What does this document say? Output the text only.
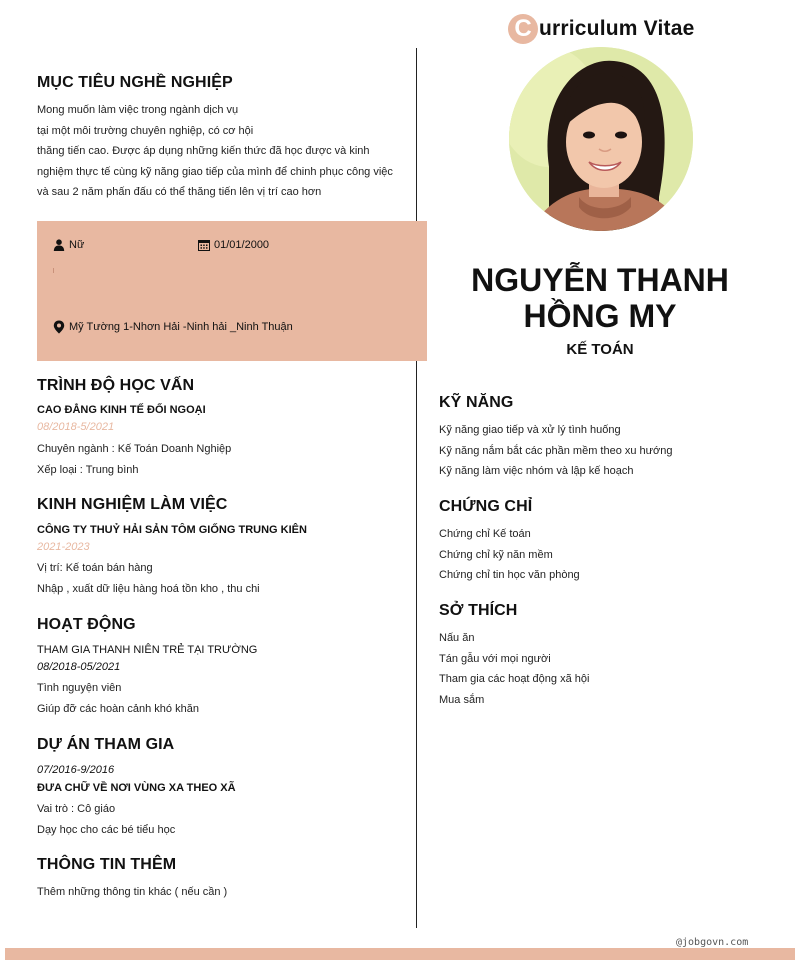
C urriculum Vitae
MỤC TIÊU NGHỀ NGHIỆP
Mong muốn làm việc trong ngành dịch vụ
tại một môi trường chuyên nghiệp, có cơ hội
thăng tiến cao. Được áp dụng những kiến thức đã học được và kinh
nghiệm thực tế cùng kỹ năng giao tiếp của mình để chinh phục công việc
và sau 2 năm phấn đấu có thể thăng tiến lên vị trí cao hơn
Nữ	01/01/2000
Mỹ Tường 1-Nhơn Hải -Ninh hải _Ninh Thuận
NGUYỄN THANH
HỒNG MY
KẾ TOÁN
TRÌNH ĐỘ HỌC VẤN
CAO ĐẲNG KINH TẾ ĐỐI NGOẠI
08/2018-5/2021
Chuyên ngành : Kế Toán Doanh Nghiệp
Xếp loại : Trung bình
KINH NGHIỆM LÀM VIỆC
CÔNG TY THUỶ HẢI SẢN TÔM GIỐNG TRUNG KIÊN
2021-2023
Vị trí: Kế toán bán hàng
Nhập , xuất dữ liệu hàng hoá tồn kho , thu chi
HOẠT ĐỘNG
THAM GIA THANH NIÊN TRẺ TẠI TRƯỜNG
08/2018-05/2021
Tình nguyện viên
Giúp đỡ các hoàn cảnh khó khăn
DỰ ÁN THAM GIA
07/2016-9/2016
ĐƯA CHỮ VỀ NƠI VÙNG XA THEO XÃ
Vai trò : Cô giáo
Dạy học cho các bé tiểu học
THÔNG TIN THÊM
Thêm những thông tin khác ( nếu cần )
KỸ NĂNG
Kỹ năng giao tiếp và xử lý tình huống
Kỹ năng nắm bắt các phần mềm theo xu hướng
Kỹ năng làm việc nhóm và lập kế hoạch
CHỨNG CHỈ
Chứng chỉ Kế toán
Chứng chỉ kỹ năn mềm
Chứng chỉ tin học văn phòng
SỞ THÍCH
Nấu ăn
Tán gẫu với mọi người
Tham gia các hoạt động xã hội
Mua sắm
@jobgovn.com
